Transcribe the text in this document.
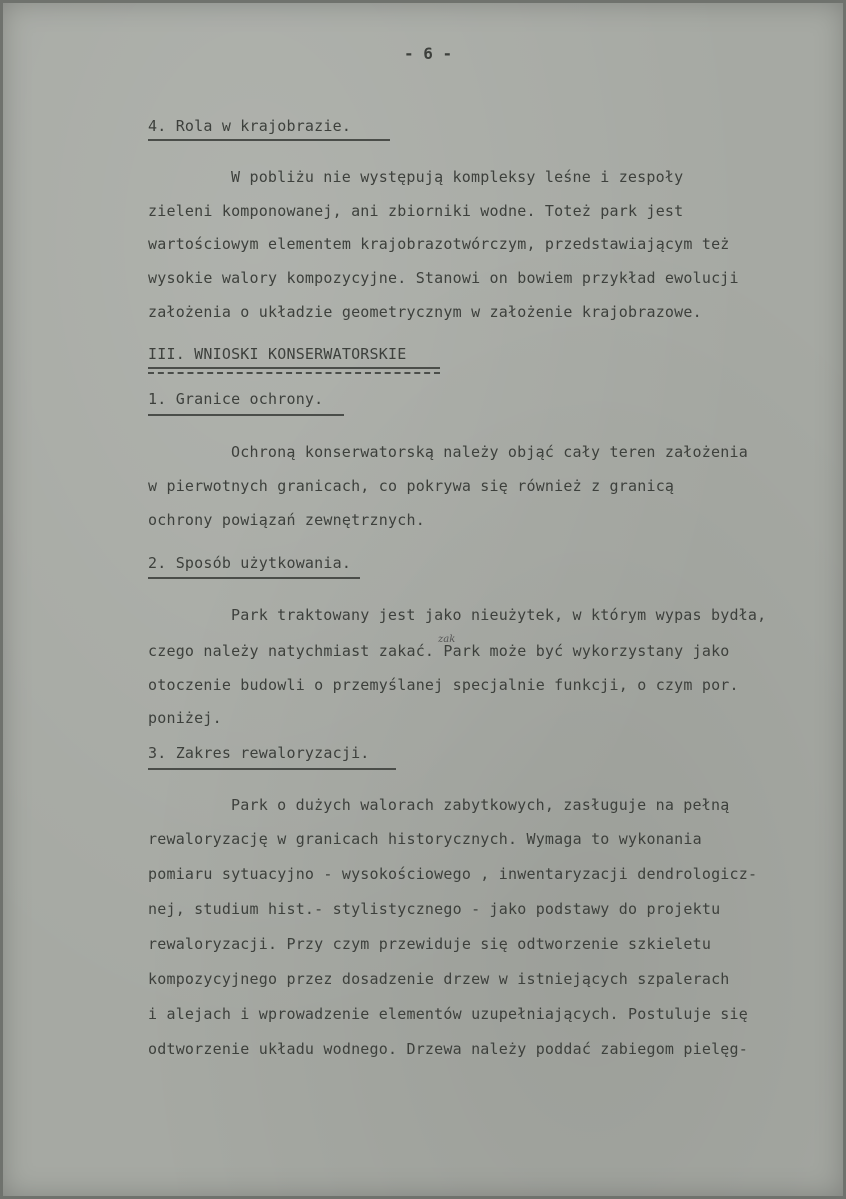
- 6 -
4. Rola w krajobrazie.
W pobliżu nie występują kompleksy leśne i zespoły
zieleni komponowanej, ani zbiorniki wodne. Toteż park jest
wartościowym elementem krajobrazotwórczym, przedstawiającym też
wysokie walory kompozycyjne. Stanowi on bowiem przykład ewolucji
założenia o układzie geometrycznym w założenie krajobrazowe.
III. WNIOSKI KONSERWATORSKIE
1. Granice ochrony.
Ochroną konserwatorską należy objąć cały teren założenia
w pierwotnych granicach, co pokrywa się również z granicą
ochrony powiązań zewnętrznych.
2. Sposób użytkowania.
Park traktowany jest jako nieużytek, w którym wypas bydła,
zak
czego należy natychmiast zakać. Park może być wykorzystany jako
otoczenie budowli o przemyślanej specjalnie funkcji, o czym por.
poniżej.
3. Zakres rewaloryzacji.
Park o dużych walorach zabytkowych, zasługuje na pełną
rewaloryzację w granicach historycznych. Wymaga to wykonania
pomiaru sytuacyjno - wysokościowego , inwentaryzacji dendrologicz-
nej, studium hist.- stylistycznego - jako podstawy do projektu
rewaloryzacji. Przy czym przewiduje się odtworzenie szkieletu
kompozycyjnego przez dosadzenie drzew w istniejących szpalerach
i alejach i wprowadzenie elementów uzupełniających. Postuluje się
odtworzenie układu wodnego. Drzewa należy poddać zabiegom pielęg-
